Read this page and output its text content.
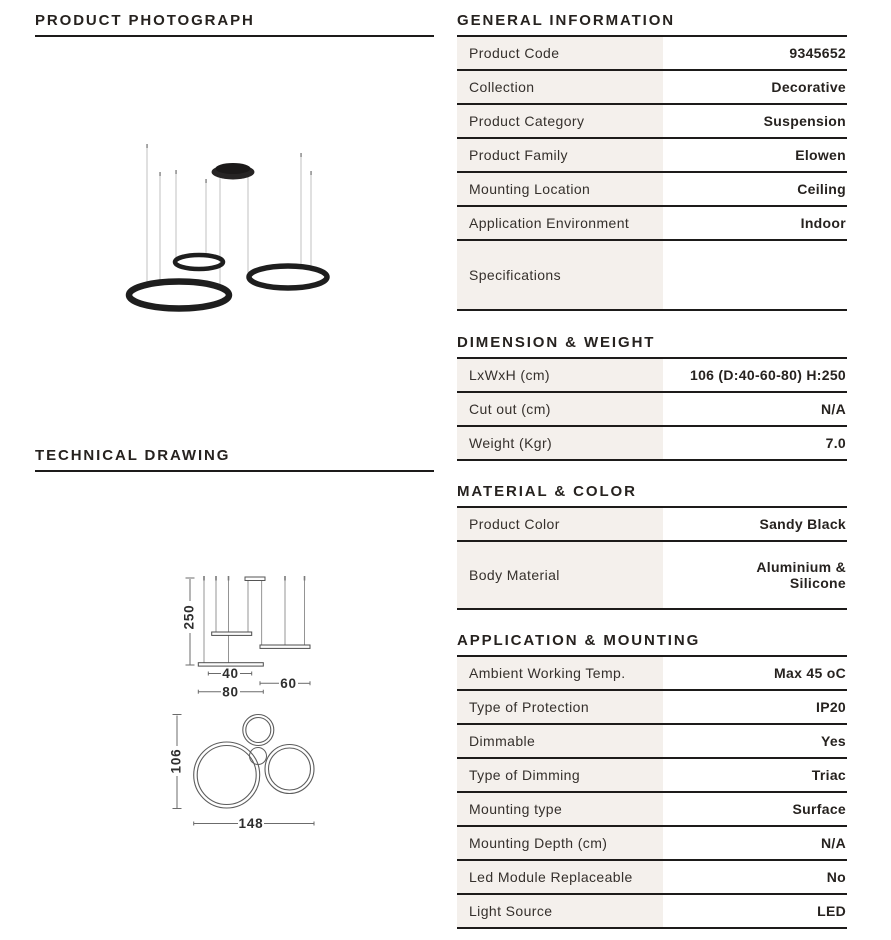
PRODUCT PHOTOGRAPH
TECHNICAL DRAWING
250
40
60
80
106
148
GENERAL INFORMATION
Product Code	9345652
Collection	Decorative
Product Category	Suspension
Product Family	Elowen
Mounting Location	Ceiling
Application Environment	Indoor
Specifications
DIMENSION & WEIGHT
LxWxH (cm)	106 (D:40-60-80) H:250
Cut out (cm)	N/A
Weight (Kgr)	7.0
MATERIAL & COLOR
Product Color	Sandy Black
Body Material	Aluminium & Silicone
APPLICATION & MOUNTING
Ambient Working Temp.	Max 45 oC
Type of Protection	IP20
Dimmable	Yes
Type of Dimming	Triac
Mounting type	Surface
Mounting Depth (cm)	N/A
Led Module Replaceable	No
Light Source	LED
